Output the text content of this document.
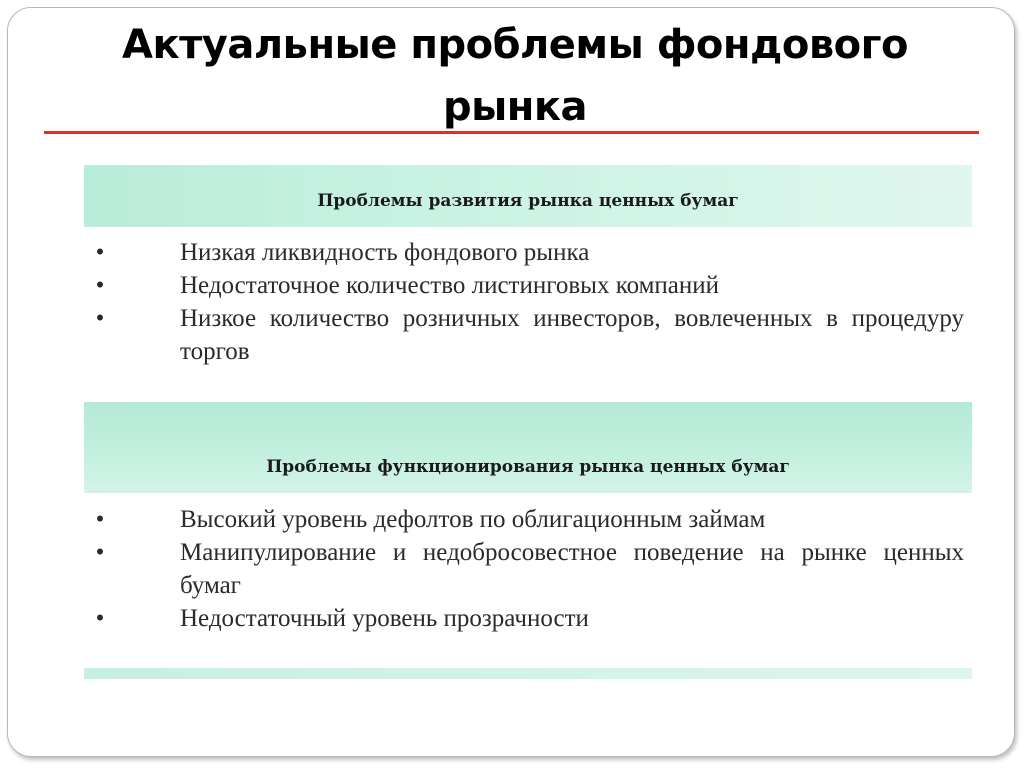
Актуальные проблемы фондового рынка
Проблемы развития рынка ценных бумаг
•	Низкая ликвидность фондового рынка
•	Недостаточное количество листинговых компаний
•	Низкое количество розничных инвесторов, вовлеченных в процедуру торгов
Проблемы функционирования рынка ценных бумаг
•	Высокий уровень дефолтов по облигационным займам
•	Манипулирование и недобросовестное поведение на рынке ценных бумаг
•	Недостаточный уровень прозрачности
